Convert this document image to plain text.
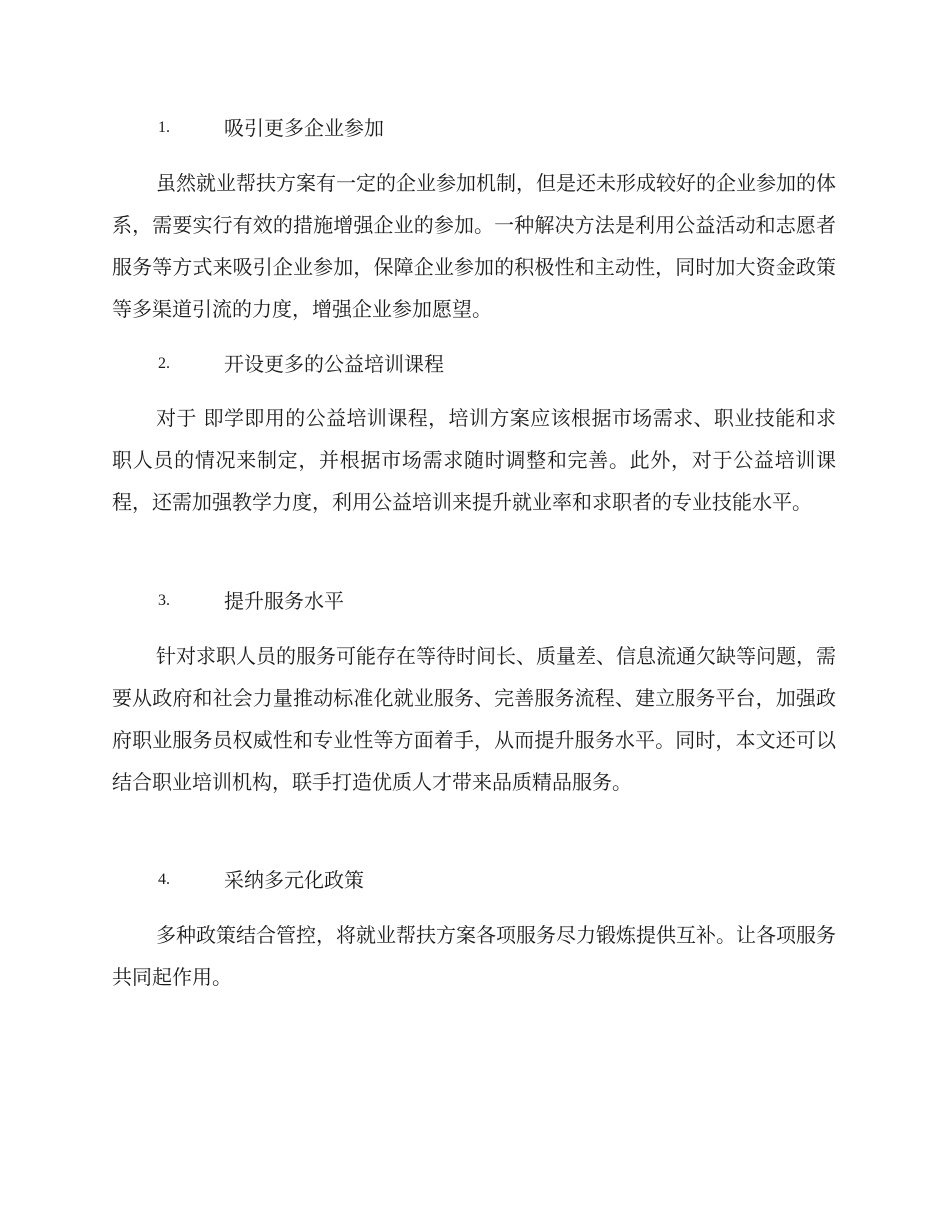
1.	吸引更多企业参加

虽然就业帮扶方案有一定的企业参加机制，但是还未形成较好的企业参加的体系，需要实行有效的措施增强企业的参加。一种解决方法是利用公益活动和志愿者服务等方式来吸引企业参加，保障企业参加的积极性和主动性，同时加大资金政策等多渠道引流的力度，增强企业参加愿望。

2.	开设更多的公益培训课程

对于 即学即用的公益培训课程，培训方案应该根据市场需求、职业技能和求职人员的情况来制定，并根据市场需求随时调整和完善。此外，对于公益培训课程，还需加强教学力度，利用公益培训来提升就业率和求职者的专业技能水平。

3.	提升服务水平

针对求职人员的服务可能存在等待时间长、质量差、信息流通欠缺等问题，需要从政府和社会力量推动标准化就业服务、完善服务流程、建立服务平台，加强政府职业服务员权威性和专业性等方面着手，从而提升服务水平。同时，本文还可以结合职业培训机构，联手打造优质人才带来品质精品服务。

4.	采纳多元化政策

多种政策结合管控，将就业帮扶方案各项服务尽力锻炼提供互补。让各项服务共同起作用。
